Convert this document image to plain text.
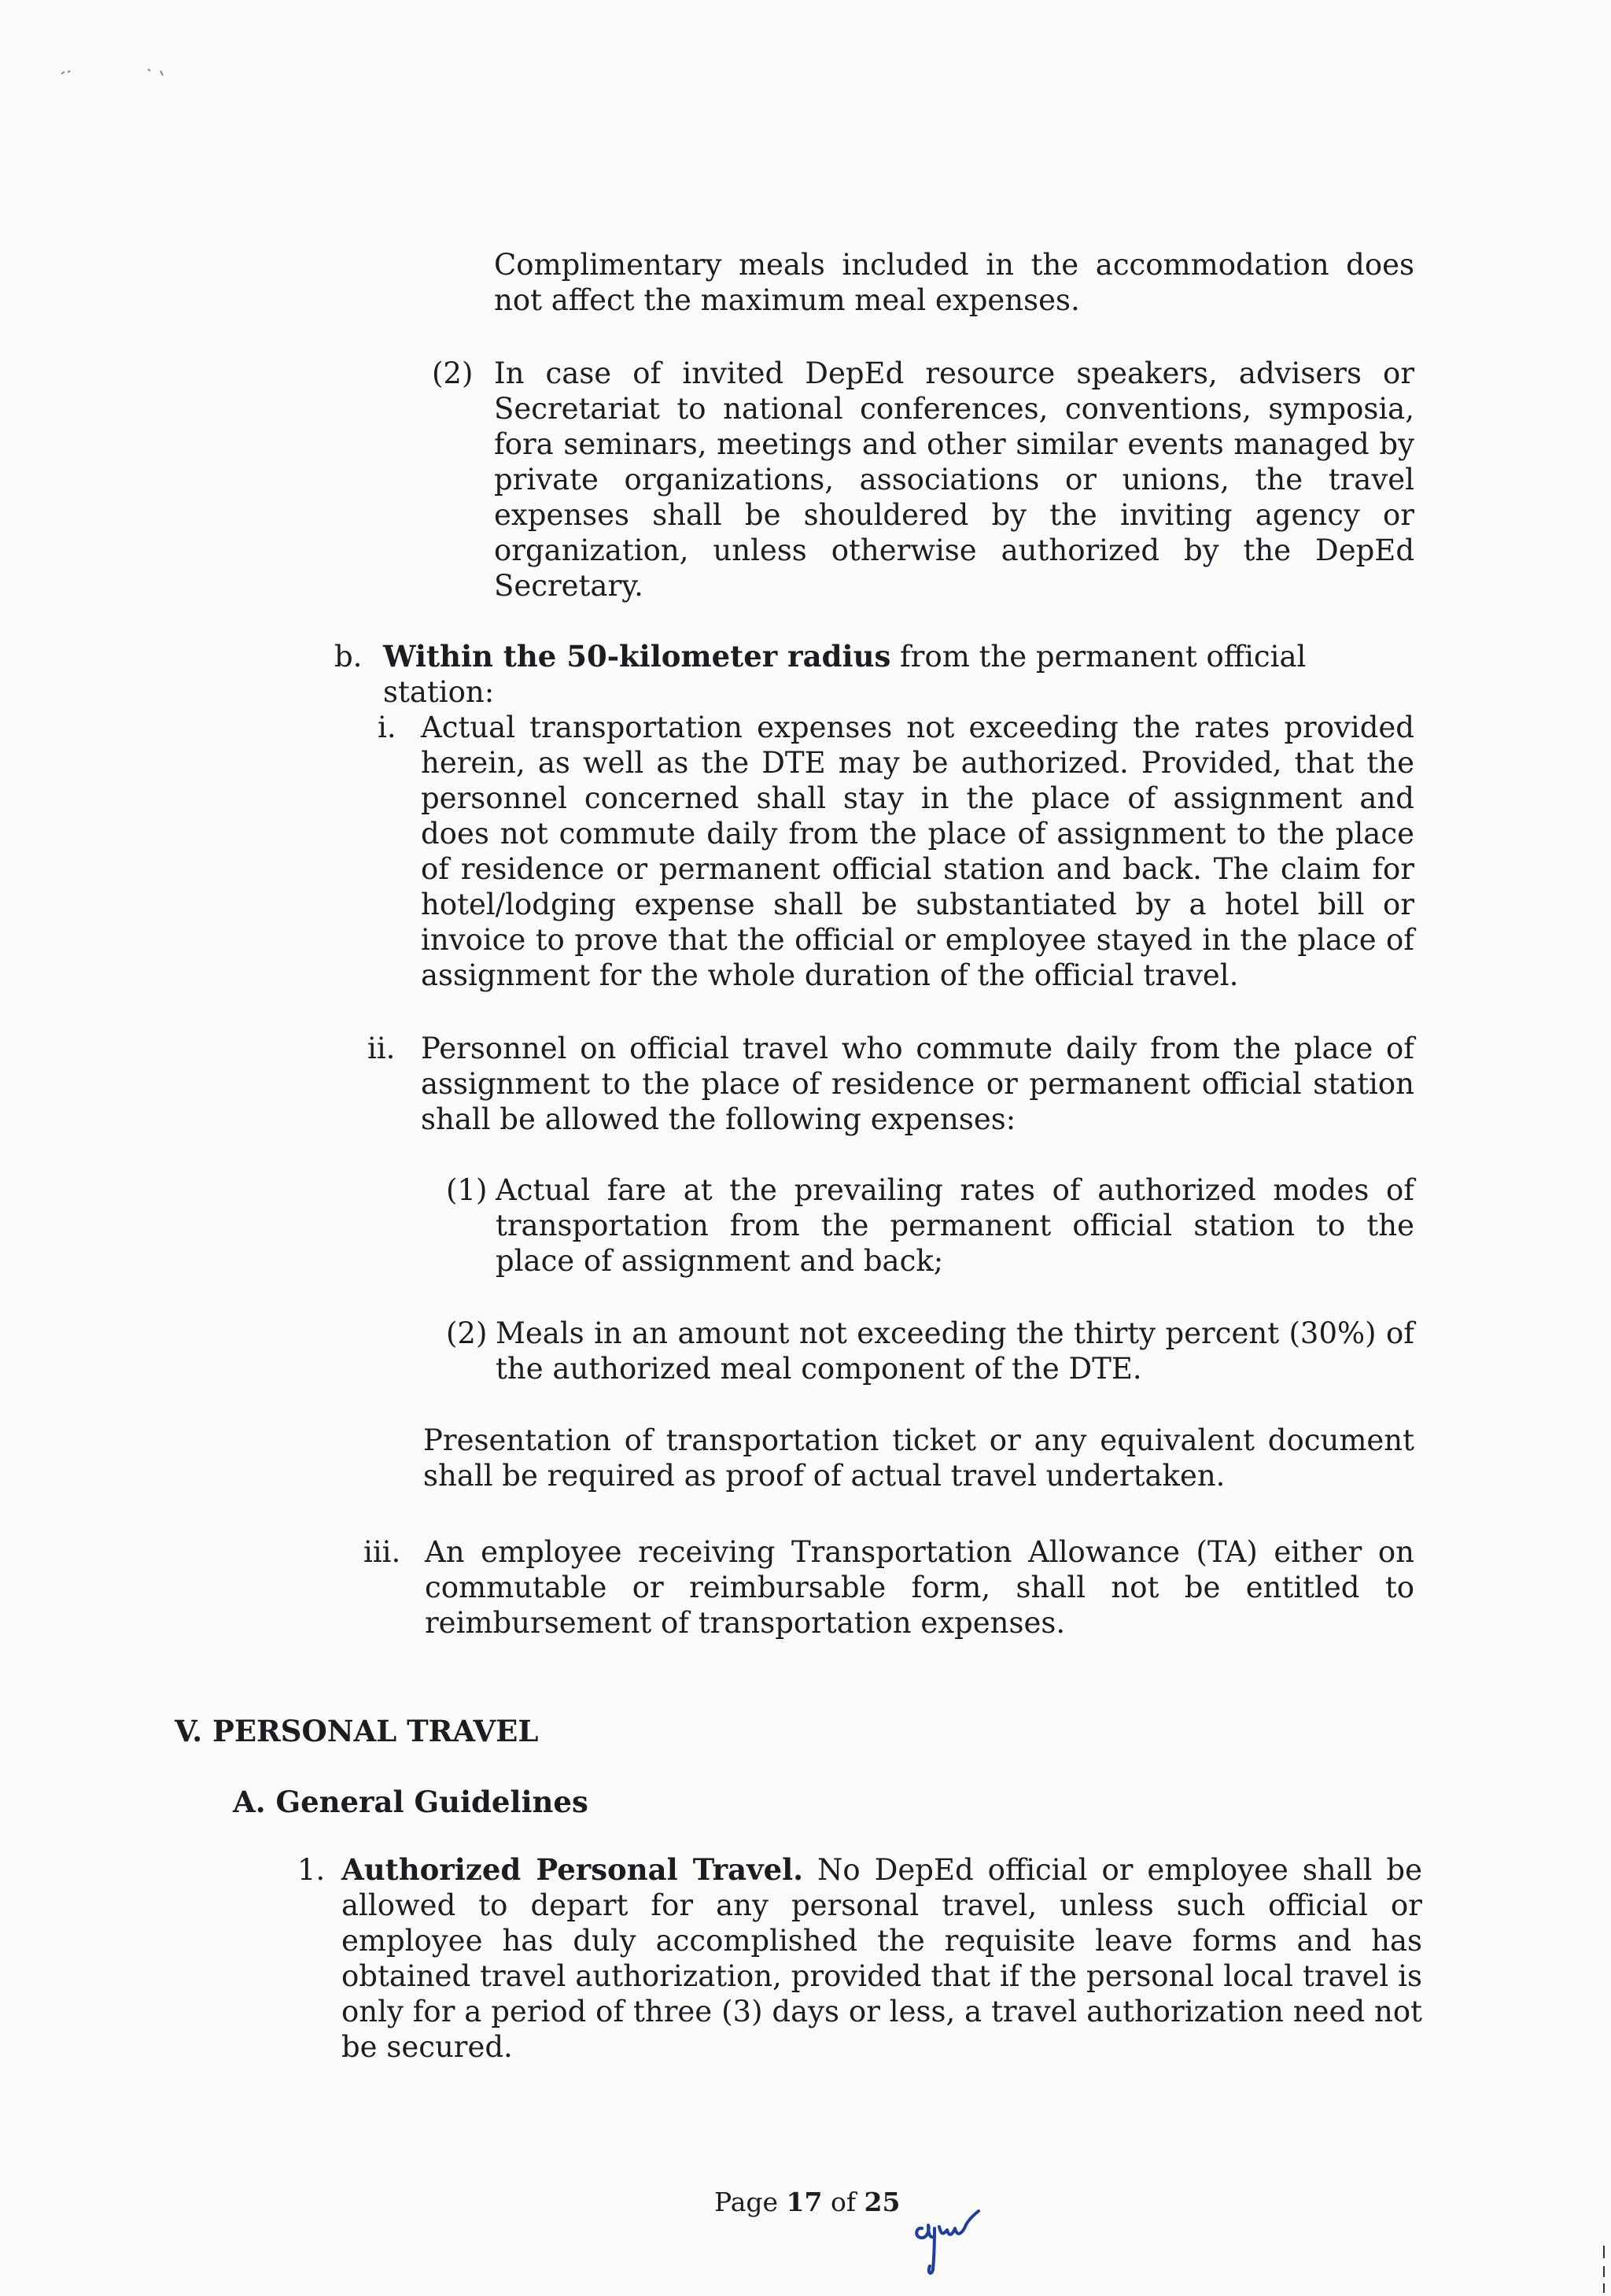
Complimentary meals included in the accommodation does not affect the maximum meal expenses.

(2) In case of invited DepEd resource speakers, advisers or Secretariat to national conferences, conventions, symposia, fora seminars, meetings and other similar events managed by private organizations, associations or unions, the travel expenses shall be shouldered by the inviting agency or organization, unless otherwise authorized by the DepEd Secretary.

b. Within the 50-kilometer radius from the permanent official station:

i. Actual transportation expenses not exceeding the rates provided herein, as well as the DTE may be authorized. Provided, that the personnel concerned shall stay in the place of assignment and does not commute daily from the place of assignment to the place of residence or permanent official station and back. The claim for hotel/lodging expense shall be substantiated by a hotel bill or invoice to prove that the official or employee stayed in the place of assignment for the whole duration of the official travel.

ii. Personnel on official travel who commute daily from the place of assignment to the place of residence or permanent official station shall be allowed the following expenses:

(1) Actual fare at the prevailing rates of authorized modes of transportation from the permanent official station to the place of assignment and back;

(2) Meals in an amount not exceeding the thirty percent (30%) of the authorized meal component of the DTE.

Presentation of transportation ticket or any equivalent document shall be required as proof of actual travel undertaken.

iii. An employee receiving Transportation Allowance (TA) either on commutable or reimbursable form, shall not be entitled to reimbursement of transportation expenses.

V. PERSONAL TRAVEL
A. General Guidelines
1. Authorized Personal Travel. No DepEd official or employee shall be allowed to depart for any personal travel, unless such official or employee has duly accomplished the requisite leave forms and has obtained travel authorization, provided that if the personal local travel is only for a period of three (3) days or less, a travel authorization need not be secured.

Page 17 of 25
